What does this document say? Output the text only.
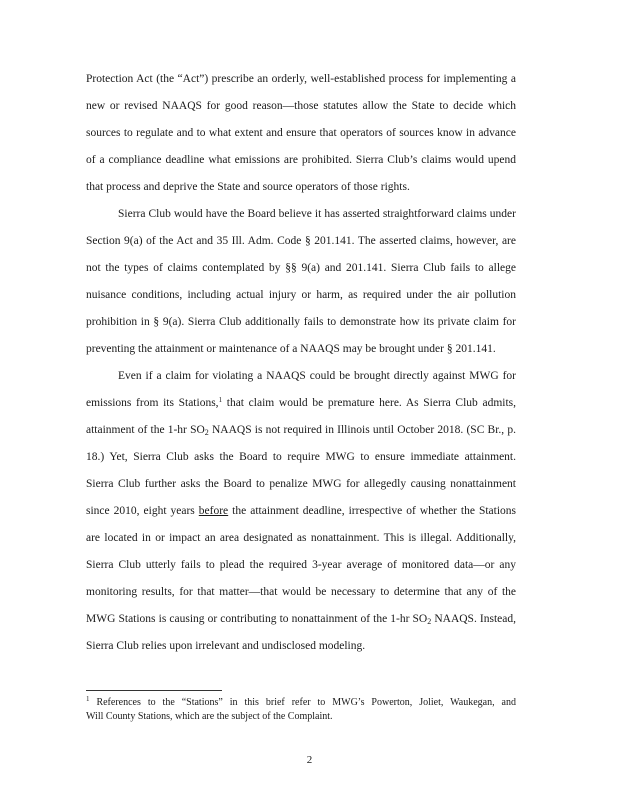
Protection Act (the “Act”) prescribe an orderly, well-established process for implementing a
new or revised NAAQS for good reason—those statutes allow the State to decide which
sources to regulate and to what extent and ensure that operators of sources know in advance
of a compliance deadline what emissions are prohibited. Sierra Club’s claims would upend
that process and deprive the State and source operators of those rights.
Sierra Club would have the Board believe it has asserted straightforward claims under
Section 9(a) of the Act and 35 Ill. Adm. Code § 201.141. The asserted claims, however, are
not the types of claims contemplated by §§ 9(a) and 201.141. Sierra Club fails to allege
nuisance conditions, including actual injury or harm, as required under the air pollution
prohibition in § 9(a). Sierra Club additionally fails to demonstrate how its private claim for
preventing the attainment or maintenance of a NAAQS may be brought under § 201.141.
Even if a claim for violating a NAAQS could be brought directly against MWG for
emissions from its Stations,$^1$ that claim would be premature here. As Sierra Club admits,
attainment of the 1-hr $SO_2$ NAAQS is not required in Illinois until October 2018. (SC Br., p.
18.) Yet, Sierra Club asks the Board to require MWG to ensure immediate attainment.
Sierra Club further asks the Board to penalize MWG for allegedly causing nonattainment
since 2010, eight years before the attainment deadline, irrespective of whether the Stations
are located in or impact an area designated as nonattainment. This is illegal. Additionally,
Sierra Club utterly fails to plead the required 3-year average of monitored data—or any
monitoring results, for that matter—that would be necessary to determine that any of the
MWG Stations is causing or contributing to nonattainment of the 1-hr $SO_2$ NAAQS. Instead,
Sierra Club relies upon irrelevant and undisclosed modeling.
$^1$ References to the “Stations” in this brief refer to MWG’s Powerton, Joliet, Waukegan, and
Will County Stations, which are the subject of the Complaint.
2
